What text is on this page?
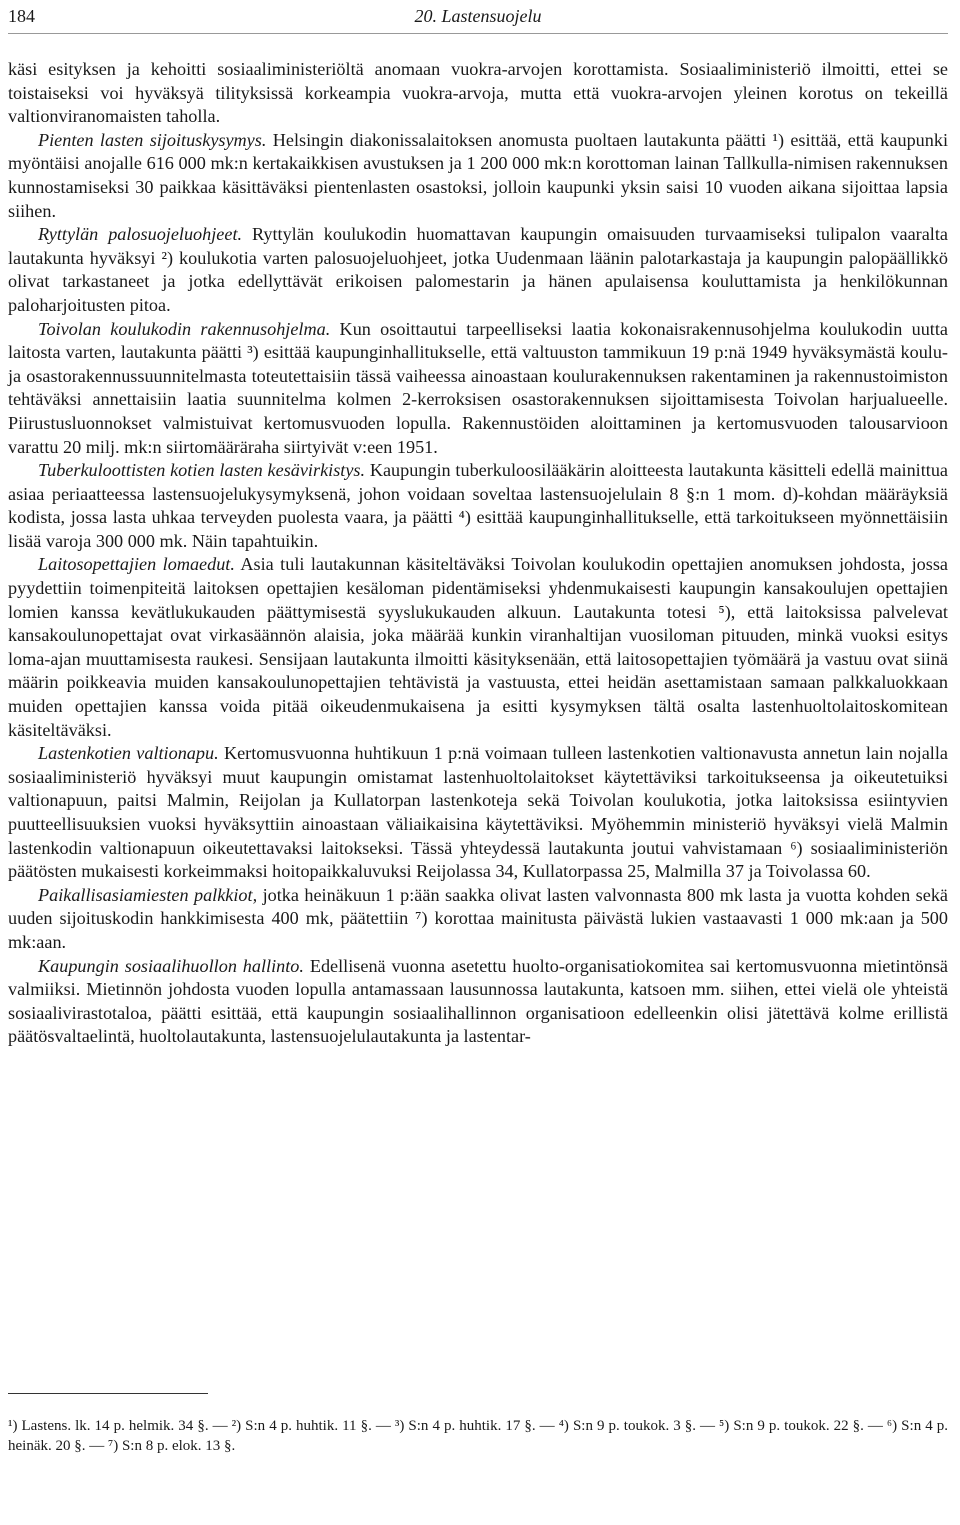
184	20. Lastensuojelu

käsi esityksen ja kehoitti sosiaaliministeriöltä anomaan vuokra-arvojen korottamista. Sosiaaliministeriö ilmoitti, ettei se toistaiseksi voi hyväksyä tilityksissä korkeampia vuokra-arvoja, mutta että vuokra-arvojen yleinen korotus on tekeillä valtionviranomaisten taholla.

Pienten lasten sijoituskysymys. Helsingin diakonissalaitoksen anomusta puoltaen lautakunta päätti ¹) esittää, että kaupunki myöntäisi anojalle 616 000 mk:n kertakaikkisen avustuksen ja 1 200 000 mk:n korottoman lainan Tallkulla-nimisen rakennuksen kunnostamiseksi 30 paikkaa käsittäväksi pientenlasten osastoksi, jolloin kaupunki yksin saisi 10 vuoden aikana sijoittaa lapsia siihen.

Ryttylän palosuojeluohjeet. Ryttylän koulukodin huomattavan kaupungin omaisuuden turvaamiseksi tulipalon vaaralta lautakunta hyväksyi ²) koulukotia varten palosuojeluohjeet, jotka Uudenmaan läänin palotarkastaja ja kaupungin palopäällikkö olivat tarkastaneet ja jotka edellyttävät erikoisen palomestarin ja hänen apulaisensa kouluttamista ja henkilökunnan paloharjoitusten pitoa.

Toivolan koulukodin rakennusohjelma. Kun osoittautui tarpeelliseksi laatia kokonaisrakennusohjelma koulukodin uutta laitosta varten, lautakunta päätti ³) esittää kaupunginhallitukselle, että valtuuston tammikuun 19 p:nä 1949 hyväksymästä koulu- ja osastorakennussuunnitelmasta toteutettaisiin tässä vaiheessa ainoastaan koulurakennuksen rakentaminen ja rakennustoimiston tehtäväksi annettaisiin laatia suunnitelma kolmen 2-kerroksisen osastorakennuksen sijoittamisesta Toivolan harjualueelle. Piirustusluonnokset valmistuivat kertomusvuoden lopulla. Rakennustöiden aloittaminen ja kertomusvuoden talousarvioon varattu 20 milj. mk:n siirtomääräraha siirtyivät v:een 1951.

Tuberkuloottisten kotien lasten kesävirkistys. Kaupungin tuberkuloosilääkärin aloitteesta lautakunta käsitteli edellä mainittua asiaa periaatteessa lastensuojelukysymyksenä, johon voidaan soveltaa lastensuojelulain 8 §:n 1 mom. d)-kohdan määräyksiä kodista, jossa lasta uhkaa terveyden puolesta vaara, ja päätti ⁴) esittää kaupunginhallitukselle, että tarkoitukseen myönnettäisiin lisää varoja 300 000 mk. Näin tapahtuikin.

Laitosopettajien lomaedut. Asia tuli lautakunnan käsiteltäväksi Toivolan koulukodin opettajien anomuksen johdosta, jossa pyydettiin toimenpiteitä laitoksen opettajien kesäloman pidentämiseksi yhdenmukaisesti kaupungin kansakoulujen opettajien lomien kanssa kevätlukukauden päättymisestä syyslukukauden alkuun. Lautakunta totesi ⁵), että laitoksissa palvelevat kansakoulunopettajat ovat virkasäännön alaisia, joka määrää kunkin viranhaltijan vuosiloman pituuden, minkä vuoksi esitys loma-ajan muuttamisesta raukesi. Sensijaan lautakunta ilmoitti käsityksenään, että laitosopettajien työmäärä ja vastuu ovat siinä määrin poikkeavia muiden kansakoulunopettajien tehtävistä ja vastuusta, ettei heidän asettamistaan samaan palkkaluokkaan muiden opettajien kanssa voida pitää oikeudenmukaisena ja esitti kysymyksen tältä osalta lastenhuoltolaitoskomitean käsiteltäväksi.

Lastenkotien valtionapu. Kertomusvuonna huhtikuun 1 p:nä voimaan tulleen lastenkotien valtionavusta annetun lain nojalla sosiaaliministeriö hyväksyi muut kaupungin omistamat lastenhuoltolaitokset käytettäviksi tarkoitukseensa ja oikeutetuiksi valtionapuun, paitsi Malmin, Reijolan ja Kullatorpan lastenkoteja sekä Toivolan koulukotia, jotka laitoksissa esiintyvien puutteellisuuksien vuoksi hyväksyttiin ainoastaan väliaikaisina käytettäviksi. Myöhemmin ministeriö hyväksyi vielä Malmin lastenkodin valtionapuun oikeutettavaksi laitokseksi. Tässä yhteydessä lautakunta joutui vahvistamaan ⁶) sosiaaliministeriön päätösten mukaisesti korkeimmaksi hoitopaikkaluvuksi Reijolassa 34, Kullatorpassa 25, Malmilla 37 ja Toivolassa 60.

Paikallisasiamiesten palkkiot, jotka heinäkuun 1 p:ään saakka olivat lasten valvonnasta 800 mk lasta ja vuotta kohden sekä uuden sijoituskodin hankkimisesta 400 mk, päätettiin ⁷) korottaa mainitusta päivästä lukien vastaavasti 1 000 mk:aan ja 500 mk:aan.

Kaupungin sosiaalihuollon hallinto. Edellisenä vuonna asetettu huolto-organisatiokomitea sai kertomusvuonna mietintönsä valmiiksi. Mietinnön johdosta vuoden lopulla antamassaan lausunnossa lautakunta, katsoen mm. siihen, ettei vielä ole yhteistä sosiaalivirastotaloa, päätti esittää, että kaupungin sosiaalihallinnon organisatioon edelleenkin olisi jätettävä kolme erillistä päätösvaltaelintä, huoltolautakunta, lastensuojelulautakunta ja lastentar-

¹) Lastens. lk. 14 p. helmik. 34 §. — ²) S:n 4 p. huhtik. 11 §. — ³) S:n 4 p. huhtik. 17 §. — ⁴) S:n 9 p. toukok. 3 §. — ⁵) S:n 9 p. toukok. 22 §. — ⁶) S:n 4 p. heinäk. 20 §. — ⁷) S:n 8 p. elok. 13 §.
